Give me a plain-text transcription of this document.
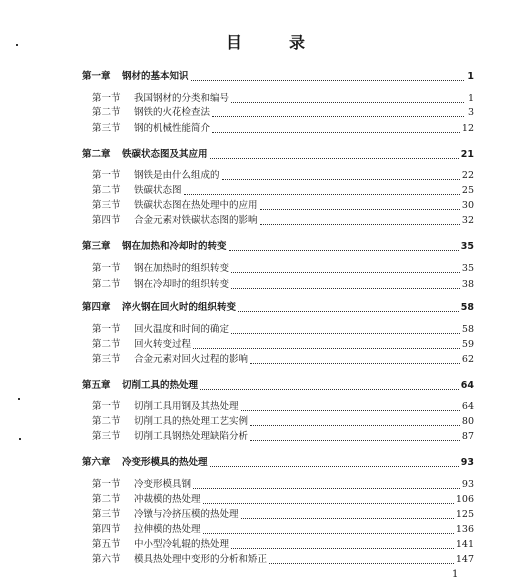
目	录
第一章	钢材的基本知识	1
第一节	我国钢材的分类和编号	1
第二节	钢铁的火花检查法	3
第三节	钢的机械性能简介	12
第二章	铁碳状态图及其应用	21
第一节	钢铁是由什么组成的	22
第二节	铁碳状态图	25
第三节	铁碳状态图在热处理中的应用	30
第四节	合金元素对铁碳状态图的影响	32
第三章	钢在加热和冷却时的转变	35
第一节	钢在加热时的组织转变	35
第二节	钢在冷却时的组织转变	38
第四章	淬火钢在回火时的组织转变	58
第一节	回火温度和时间的确定	58
第二节	回火转变过程	59
第三节	合金元素对回火过程的影响	62
第五章	切削工具的热处理	64
第一节	切削工具用钢及其热处理	64
第二节	切削工具的热处理工艺实例	80
第三节	切削工具钢热处理缺陷分析	87
第六章	冷变形模具的热处理	93
第一节	冷变形模具钢	93
第二节	冲裁模的热处理	106
第三节	冷镦与冷挤压模的热处理	125
第四节	拉伸模的热处理	136
第五节	中小型冷轧辊的热处理	141
第六节	模具热处理中变形的分析和矫正	147
1
